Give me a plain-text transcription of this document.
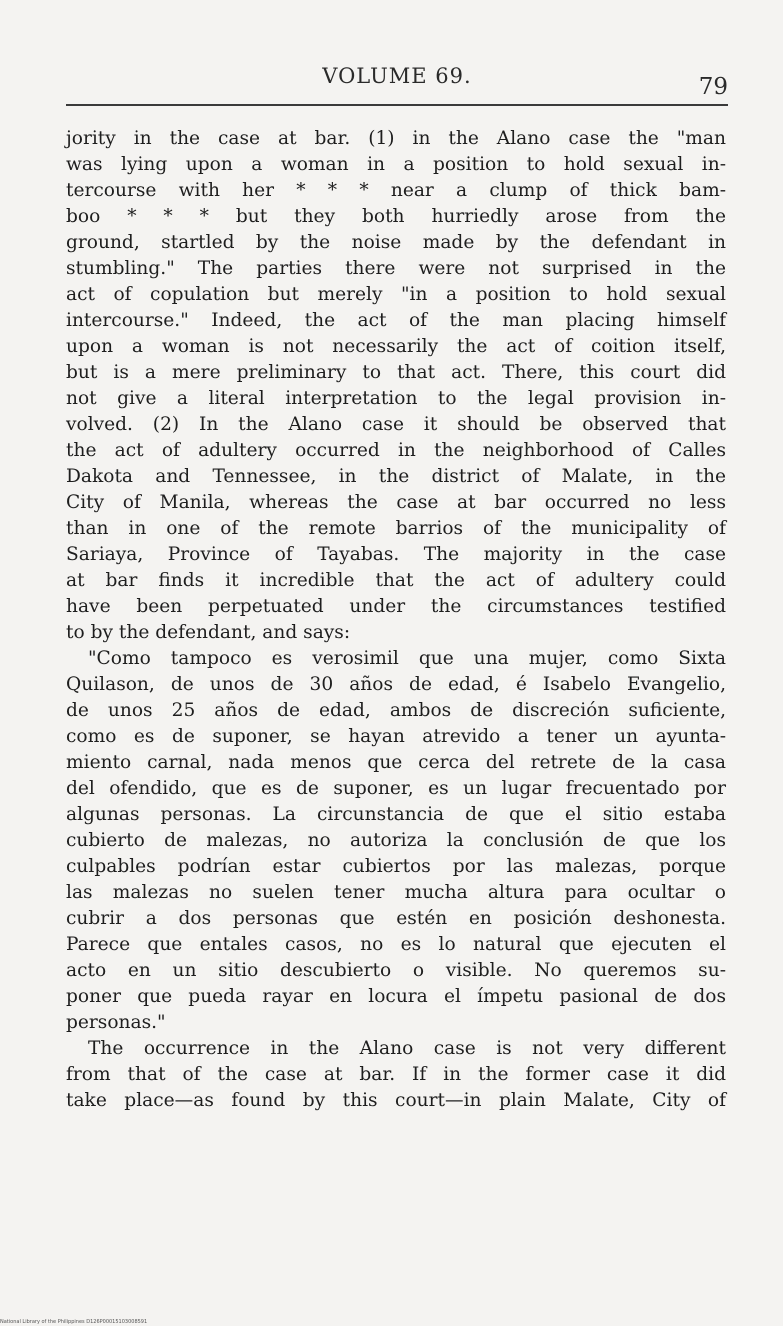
VOLUME 69.	79
jority in the case at bar. (1) in the Alano case the "man
was lying upon a woman in a position to hold sexual in-
tercourse with her * * * near a clump of thick bam-
boo * * * but they both hurriedly arose from the
ground, startled by the noise made by the defendant in
stumbling." The parties there were not surprised in the
act of copulation but merely "in a position to hold sexual
intercourse." Indeed, the act of the man placing himself
upon a woman is not necessarily the act of coition itself,
but is a mere preliminary to that act. There, this court did
not give a literal interpretation to the legal provision in-
volved. (2) In the Alano case it should be observed that
the act of adultery occurred in the neighborhood of Calles
Dakota and Tennessee, in the district of Malate, in the
City of Manila, whereas the case at bar occurred no less
than in one of the remote barrios of the municipality of
Sariaya, Province of Tayabas. The majority in the case
at bar finds it incredible that the act of adultery could
have been perpetuated under the circumstances testified
to by the defendant, and says:
"Como tampoco es verosimil que una mujer, como Sixta
Quilason, de unos de 30 años de edad, é Isabelo Evangelio,
de unos 25 años de edad, ambos de discreción suficiente,
como es de suponer, se hayan atrevido a tener un ayunta-
miento carnal, nada menos que cerca del retrete de la casa
del ofendido, que es de suponer, es un lugar frecuentado por
algunas personas. La circunstancia de que el sitio estaba
cubierto de malezas, no autoriza la conclusión de que los
culpables podrían estar cubiertos por las malezas, porque
las malezas no suelen tener mucha altura para ocultar o
cubrir a dos personas que estén en posición deshonesta.
Parece que entales casos, no es lo natural que ejecuten el
acto en un sitio descubierto o visible. No queremos su-
poner que pueda rayar en locura el ímpetu pasional de dos
personas."
The occurrence in the Alano case is not very different
from that of the case at bar. If in the former case it did
take place—as found by this court—in plain Malate, City of
National Library of the Philippines D126P00015103008591
